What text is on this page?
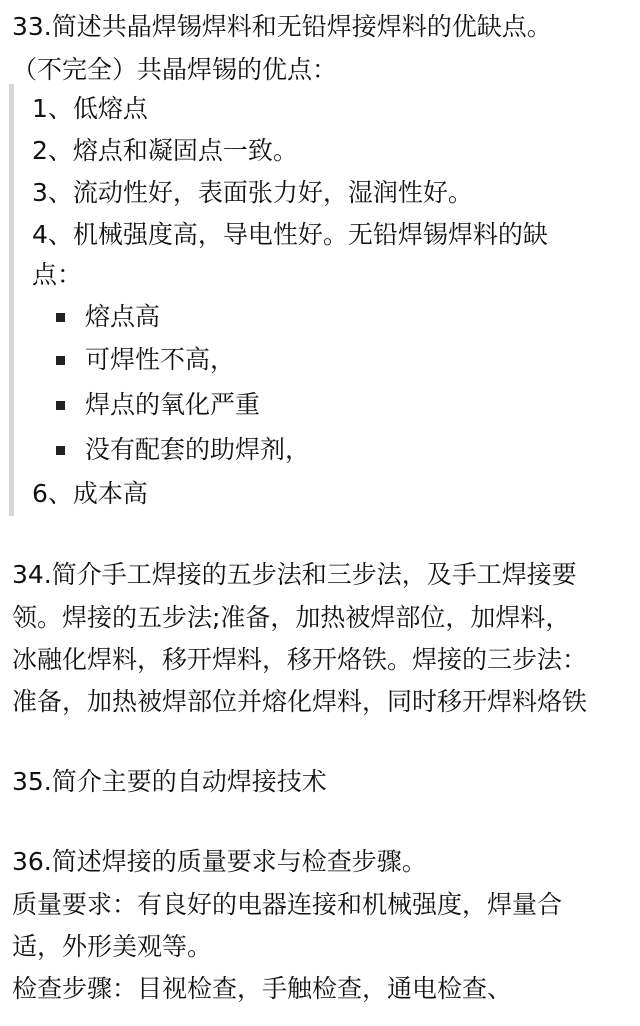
33.简述共晶焊锡焊料和无铅焊接焊料的优缺点。
（不完全）共晶焊锡的优点：
1、低熔点
2、熔点和凝固点一致。
3、流动性好，表面张力好，湿润性好。
4、机械强度高，导电性好。无铅焊锡焊料的缺
点：
熔点高
可焊性不高，
焊点的氧化严重
没有配套的助焊剂，
6、成本高
34.简介手工焊接的五步法和三步法，及手工焊接要
领。焊接的五步法;准备，加热被焊部位，加焊料，
冰融化焊料，移开焊料，移开烙铁。焊接的三步法：
准备，加热被焊部位并熔化焊料，同时移开焊料烙铁
35.简介主要的自动焊接技术
36.简述焊接的质量要求与检查步骤。
质量要求：有良好的电器连接和机械强度，焊量合
适，外形美观等。
检查步骤：目视检查，手触检查，通电检查、
